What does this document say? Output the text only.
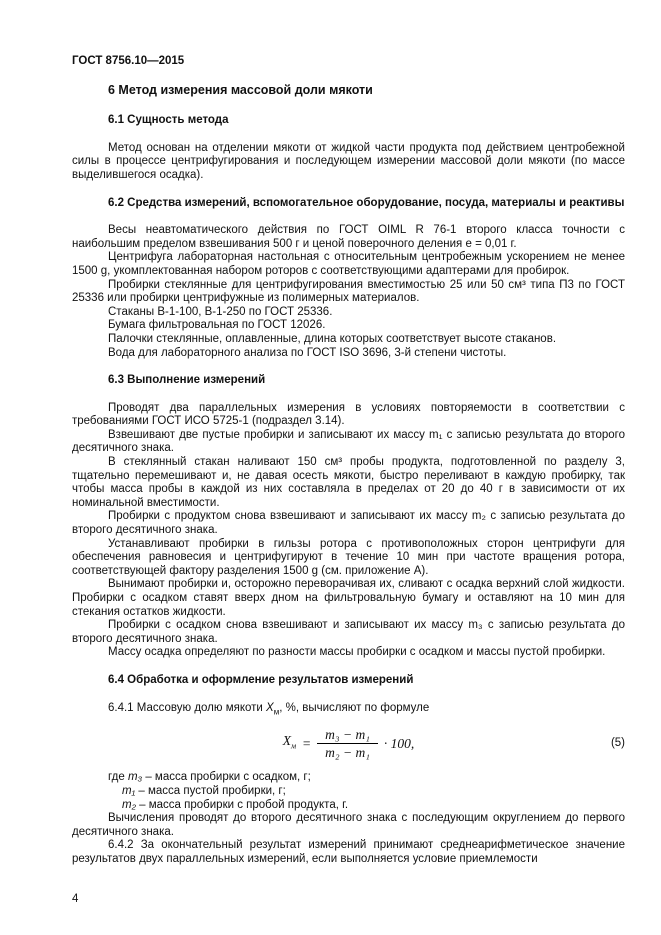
ГОСТ 8756.10—2015

6 Метод измерения массовой доли мякоти

6.1 Сущность метода

Метод основан на отделении мякоти от жидкой части продукта под действием центробежной силы в процессе центрифугирования и последующем измерении массовой доли мякоти (по массе выделившегося осадка).

6.2 Средства измерений, вспомогательное оборудование, посуда, материалы и реактивы

Весы неавтоматического действия по ГОСТ OIML R 76-1 второго класса точности с наибольшим пределом взвешивания 500 г и ценой поверочного деления e = 0,01 г.

Центрифуга лабораторная настольная с относительным центробежным ускорением не менее 1500 g, укомплектованная набором роторов с соответствующими адаптерами для пробирок.

Пробирки стеклянные для центрифугирования вместимостью 25 или 50 см³ типа П3 по ГОСТ 25336 или пробирки центрифужные из полимерных материалов.

Стаканы В-1-100, В-1-250 по ГОСТ 25336.

Бумага фильтровальная по ГОСТ 12026.

Палочки стеклянные, оплавленные, длина которых соответствует высоте стаканов.

Вода для лабораторного анализа по ГОСТ ISO 3696, 3-й степени чистоты.

6.3 Выполнение измерений

Проводят два параллельных измерения в условиях повторяемости в соответствии с требованиями ГОСТ ИСО 5725-1 (подраздел 3.14).

Взвешивают две пустые пробирки и записывают их массу m₁ с записью результата до второго десятичного знака.

В стеклянный стакан наливают 150 см³ пробы продукта, подготовленной по разделу 3, тщательно перемешивают и, не давая осесть мякоти, быстро переливают в каждую пробирку, так чтобы масса пробы в каждой из них составляла в пределах от 20 до 40 г в зависимости от их номинальной вместимости.

Пробирки с продуктом снова взвешивают и записывают их массу m₂ с записью результата до второго десятичного знака.

Устанавливают пробирки в гильзы ротора с противоположных сторон центрифуги для обеспечения равновесия и центрифугируют в течение 10 мин при частоте вращения ротора, соответствующей фактору разделения 1500 g (см. приложение А).

Вынимают пробирки и, осторожно переворачивая их, сливают с осадка верхний слой жидкости. Пробирки с осадком ставят вверх дном на фильтровальную бумагу и оставляют на 10 мин для стекания остатков жидкости.

Пробирки с осадком снова взвешивают и записывают их массу m₃ с записью результата до второго десятичного знака.

Массу осадка определяют по разности массы пробирки с осадком и массы пустой пробирки.

6.4 Обработка и оформление результатов измерений

6.4.1 Массовую долю мякоти $X_м$, %, вычисляют по формуле

$X_м = \frac{\text{m₃ − m₁}}{\text{m₂ − m₁}} \cdot 100$,	(5)

где m₃ – масса пробирки с осадком, г;

m₁ – масса пустой пробирки, г;

m₂ – масса пробирки с пробой продукта, г.

Вычисления проводят до второго десятичного знака с последующим округлением до первого десятичного знака.

6.4.2 За окончательный результат измерений принимают среднеарифметическое значение результатов двух параллельных измерений, если выполняется условие приемлемости

4
